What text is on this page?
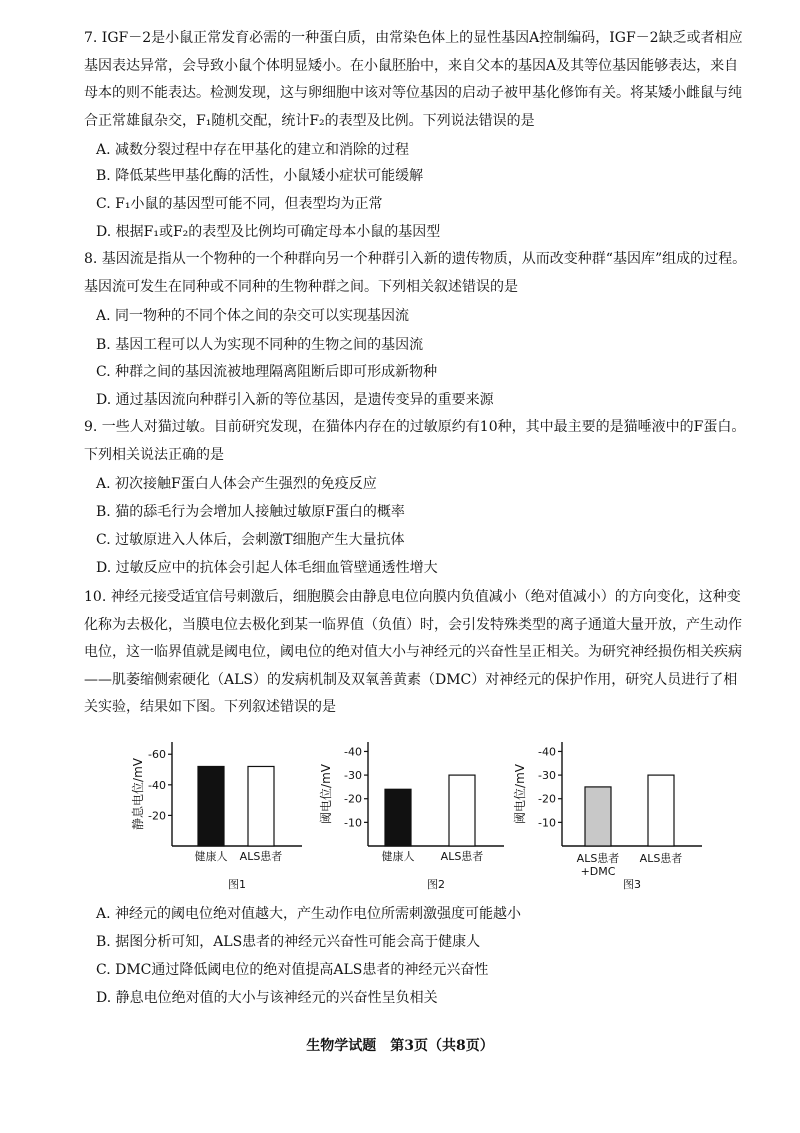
7. IGF－2是小鼠正常发育必需的一种蛋白质，由常染色体上的显性基因A控制编码，IGF－2缺乏或者相应基因表达异常，会导致小鼠个体明显矮小。在小鼠胚胎中，来自父本的基因A及其等位基因能够表达，来自母本的则不能表达。检测发现，这与卵细胞中该对等位基因的启动子被甲基化修饰有关。将某矮小雌鼠与纯合正常雄鼠杂交，F₁随机交配，统计F₂的表型及比例。下列说法错误的是

A. 减数分裂过程中存在甲基化的建立和消除的过程

B. 降低某些甲基化酶的活性，小鼠矮小症状可能缓解

C. F₁小鼠的基因型可能不同，但表型均为正常

D. 根据F₁或F₂的表型及比例均可确定母本小鼠的基因型

8. 基因流是指从一个物种的一个种群向另一个种群引入新的遗传物质，从而改变种群“基因库”组成的过程。基因流可发生在同种或不同种的生物种群之间。下列相关叙述错误的是

A. 同一物种的不同个体之间的杂交可以实现基因流

B. 基因工程可以人为实现不同种的生物之间的基因流

C. 种群之间的基因流被地理隔离阻断后即可形成新物种

D. 通过基因流向种群引入新的等位基因，是遗传变异的重要来源

9. 一些人对猫过敏。目前研究发现，在猫体内存在的过敏原约有10种，其中最主要的是猫唾液中的F蛋白。下列相关说法正确的是

A. 初次接触F蛋白人体会产生强烈的免疫反应

B. 猫的舔毛行为会增加人接触过敏原F蛋白的概率

C. 过敏原进入人体后，会刺激T细胞产生大量抗体

D. 过敏反应中的抗体会引起人体毛细血管壁通透性增大

10. 神经元接受适宜信号刺激后，细胞膜会由静息电位向膜内负值减小（绝对值减小）的方向变化，这种变化称为去极化，当膜电位去极化到某一临界值（负值）时，会引发特殊类型的离子通道大量开放，产生动作电位，这一临界值就是阈电位，阈电位的绝对值大小与神经元的兴奋性呈正相关。为研究神经损伤相关疾病——肌萎缩侧索硬化（ALS）的发病机制及双氧善黄素（DMC）对神经元的保护作用，研究人员进行了相关实验，结果如下图。下列叙述错误的是

-60
-40
-20
静息电位/mV
健康人 ALS患者
图1
-40
-30
-20
-10
阈电位/mV
健康人 ALS患者
图2
-40
-30
-20
-10
阈电位/mV
ALS患者
+DMC
ALS患者
图3

A. 神经元的阈电位绝对值越大，产生动作电位所需刺激强度可能越小

B. 据图分析可知，ALS患者的神经元兴奋性可能会高于健康人

C. DMC通过降低阈电位的绝对值提高ALS患者的神经元兴奋性

D. 静息电位绝对值的大小与该神经元的兴奋性呈负相关

生物学试题　第3页（共8页）
